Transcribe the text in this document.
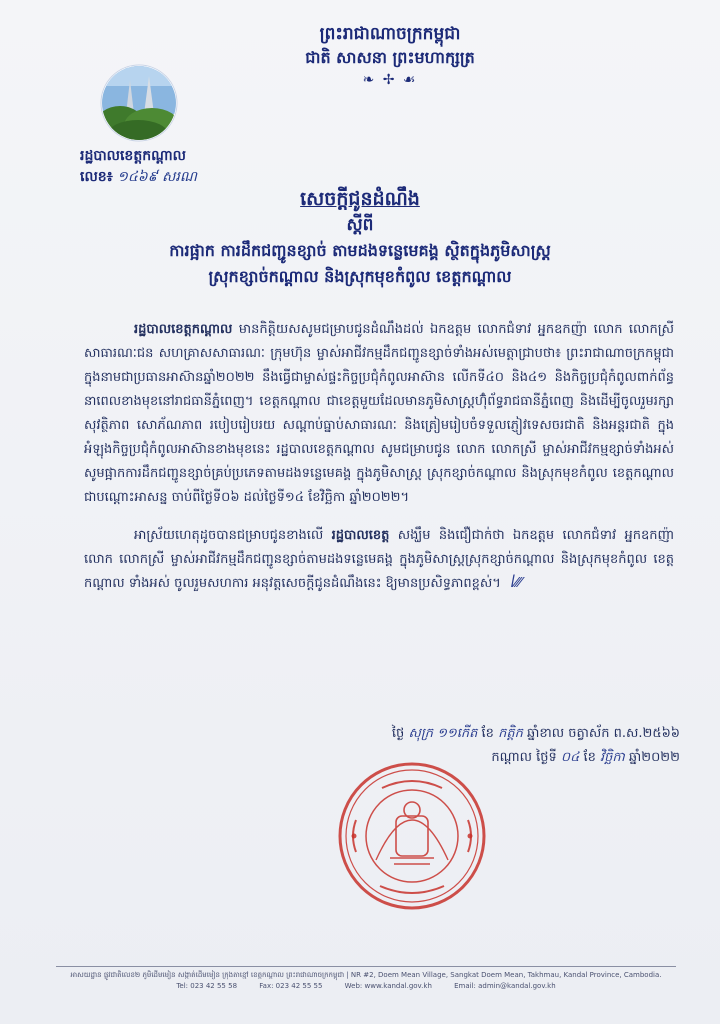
ព្រះរាជាណាចក្រកម្ពុជា
ជាតិ សាសនា ព្រះមហាក្សត្រ
❧ ✢ ☙
រដ្ឋបាលខេត្តកណ្តាល
លេខ៖ ១៤៦៩ សរណ
សេចក្តីជូនដំណឹង
ស្តីពី
ការផ្អាក ការដឹកជញ្ជូនខ្សាច់ តាមដងទន្លេមេគង្គ ស្ថិតក្នុងភូមិសាស្ត្រ
ស្រុកខ្សាច់កណ្តាល និងស្រុកមុខកំពូល ខេត្តកណ្តាល

រដ្ឋបាលខេត្តកណ្តាល មានកិត្តិយសសូមជម្រាបជូនដំណឹងដល់ ឯកឧត្តម លោកជំទាវ អ្នកឧកញ៉ា លោក លោកស្រី សាធារណៈជន សហគ្រាសសាធារណៈ ក្រុមហ៊ុន ម្ចាស់អាជីវកម្មដឹកជញ្ជូនខ្សាច់ទាំងអស់មេត្តាជ្រាបថា៖ ព្រះរាជាណាចក្រកម្ពុជាក្នុងនាមជាប្រធានអាស៊ានឆ្នាំ២០២២ នឹងធ្វើជាម្ចាស់ផ្ទះកិច្ចប្រជុំកំពូលអាស៊ាន លើកទី៤០ និង៤១ និងកិច្ចប្រជុំកំពូលពាក់ព័ន្ធ នាពេលខាងមុខនៅរាជធានីភ្នំពេញ។ ខេត្តកណ្តាល ជាខេត្តមួយដែលមានភូមិសាស្ត្រហ៊ុំព័ទ្ធរាជធានីភ្នំពេញ និងដើម្បីចូលរួមរក្សាសុវត្ថិភាព សោភ័ណភាព របៀបរៀបរយ សណ្តាប់ធ្នាប់សាធារណៈ និងត្រៀមរៀបចំទទួលភ្ញៀវទេសចរជាតិ និងអន្តរជាតិ ក្នុងអំឡុងកិច្ចប្រជុំកំពូលអាស៊ានខាងមុខនេះ រដ្ឋបាលខេត្តកណ្តាល សូមជម្រាបជូន លោក លោកស្រី ម្ចាស់អាជីវកម្មខ្សាច់ទាំងអស់ សូមផ្អាកការដឹកជញ្ជូនខ្សាច់គ្រប់ប្រភេទតាមដងទន្លេមេគង្គ ក្នុងភូមិសាស្ត្រ ស្រុកខ្សាច់កណ្តាល និងស្រុកមុខកំពូល ខេត្តកណ្តាល ជាបណ្តោះអាសន្ន ចាប់ពីថ្ងៃទី០៦ ដល់ថ្ងៃទី១៤ ខែវិច្ឆិកា ឆ្នាំ២០២២។

អាស្រ័យហេតុដូចបានជម្រាបជូនខាងលើ រដ្ឋបាលខេត្ត សង្ឃឹម និងជឿជាក់ថា ឯកឧត្តម លោកជំទាវ អ្នកឧកញ៉ា លោក លោកស្រី ម្ចាស់អាជីវកម្មដឹកជញ្ជូនខ្សាច់តាមដងទន្លេមេគង្គ ក្នុងភូមិសាស្ត្រស្រុកខ្សាច់កណ្តាល និងស្រុកមុខកំពូល ខេត្តកណ្តាល ទាំងអស់ ចូលរួមសហការ អនុវត្តសេចក្តីជូនដំណឹងនេះ ឱ្យមានប្រសិទ្ធភាពខ្ពស់។ ꟾ⁄⁄⁄

ថ្ងៃ សុក្រ ១១កើត ខែ កត្តិក ឆ្នាំខាល ចត្វាស័ក ព.ស.២៥៦៦
កណ្តាល ថ្ងៃទី ០៤ ខែ វិច្ឆិកា ឆ្នាំ២០២២
អាសយដ្ឋាន ផ្លូវជាតិលេខ២ ភូមិដើមមៀន សង្កាត់ដើមមៀន ក្រុងតាខ្មៅ ខេត្តកណ្តាល ព្រះរាជាណាចក្រកម្ពុជា | NR #2, Doem Mean Village, Sangkat Doem Mean, Takhmau, Kandal Province, Cambodia.
Tel: 023 42 55 58	Fax: 023 42 55 55	Web: www.kandal.gov.kh	Email: admin@kandal.gov.kh
